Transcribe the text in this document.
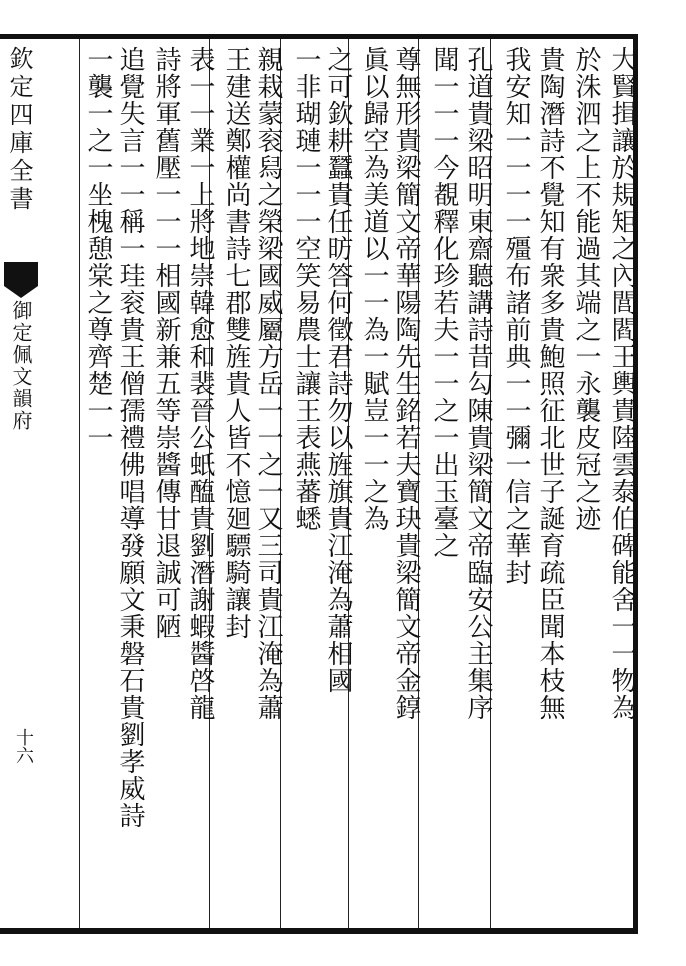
欽定四庫全書
御定佩文韻府
十六
大賢揖讓於規矩之內閭閻王輿貴陸雲泰伯碑能舍一一物為
於洙泗之上不能過其端之一永襲皮冠之迹
貴陶潛詩不覺知有衆多貴鮑照征北世子誕育疏臣聞本枝無
我安知一一一一殭布諸前典一一彌一信之華封
孔道貴梁昭明東齋聽講詩昔勾陳貴梁簡文帝臨安公主集序
聞一一一今覩釋化珍若夫一一之一出玉臺之
尊無形貴梁簡文帝華陽陶先生銘若夫寶玦貴梁簡文帝金錞
眞以歸空為美道以一一為一賦豈一一之為
之可欽耕蠶貴任昉答何徵君詩勿以旌旗貴江淹為蕭相國
一非瑚璉一一一空笑易農士讓王表燕蕃蟋
親栽蒙衮舄之榮梁國威屬方岳一一之一又三司貴江淹為蕭
王建送鄭權尚書詩七郡雙旌貴人皆不憶廻驃騎讓封
表一一業一上將地崇韓愈和裴晉公蚔醢貴劉潛謝蝦醬啓龍
詩將軍舊壓一一一相國新兼五等崇醬傳甘退誠可陋
追覺失言一一稱一珪衮貴王僧孺禮佛唱導發願文秉磐石貴劉孝威詩
一襲一之一坐槐憩棠之尊齊楚一一
